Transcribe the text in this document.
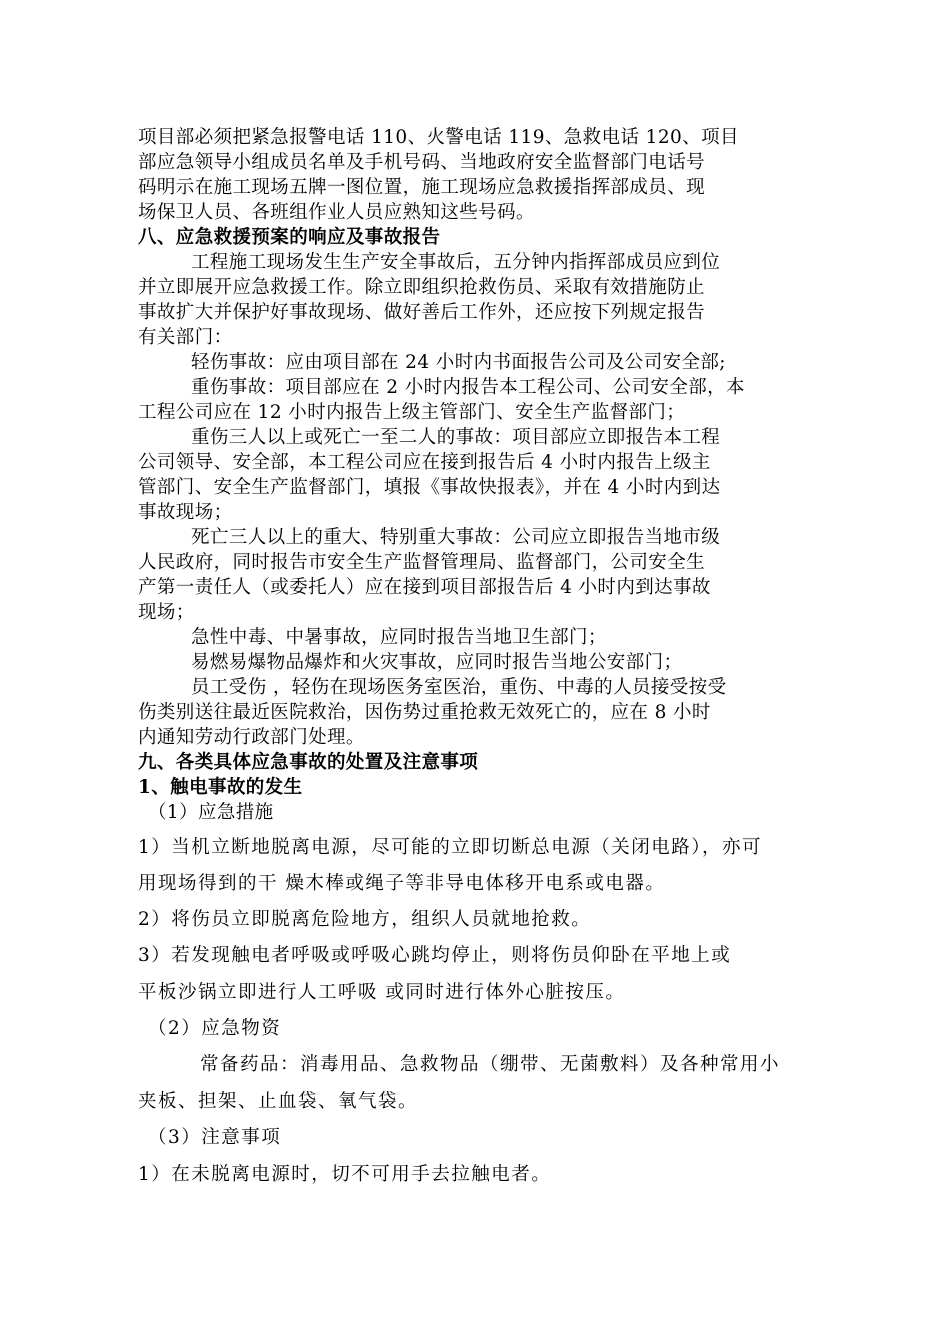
项目部必须把紧急报警电话 110、火警电话 119、急救电话 120、项目
部应急领导小组成员名单及手机号码、当地政府安全监督部门电话号
码明示在施工现场五牌一图位置，施工现场应急救援指挥部成员、现
场保卫人员、各班组作业人员应熟知这些号码。
八、应急救援预案的响应及事故报告
工程施工现场发生生产安全事故后，五分钟内指挥部成员应到位
并立即展开应急救援工作。除立即组织抢救伤员、采取有效措施防止
事故扩大并保护好事故现场、做好善后工作外，还应按下列规定报告
有关部门：
轻伤事故：应由项目部在 24 小时内书面报告公司及公司安全部;
重伤事故：项目部应在 2 小时内报告本工程公司、公司安全部，本
工程公司应在 12 小时内报告上级主管部门、安全生产监督部门；
重伤三人以上或死亡一至二人的事故：项目部应立即报告本工程
公司领导、安全部，本工程公司应在接到报告后 4 小时内报告上级主
管部门、安全生产监督部门，填报《事故快报表》，并在 4 小时内到达
事故现场；
死亡三人以上的重大、特别重大事故：公司应立即报告当地市级
人民政府，同时报告市安全生产监督管理局、监督部门，公司安全生
产第一责任人（或委托人）应在接到项目部报告后 4 小时内到达事故
现场；
急性中毒、中暑事故，应同时报告当地卫生部门；
易燃易爆物品爆炸和火灾事故，应同时报告当地公安部门；
员工受伤 ，轻伤在现场医务室医治，重伤、中毒的人员接受按受
伤类别送往最近医院救治，因伤势过重抢救无效死亡的，应在 8 小时
内通知劳动行政部门处理。
九、各类具体应急事故的处置及注意事项
1、触电事故的发生
（1）应急措施
1）当机立断地脱离电源，尽可能的立即切断总电源（关闭电路），亦可
用现场得到的干 燥木棒或绳子等非导电体移开电系或电器。
2）将伤员立即脱离危险地方，组织人员就地抢救。
3）若发现触电者呼吸或呼吸心跳均停止，则将伤员仰卧在平地上或
平板沙锅立即进行人工呼吸 或同时进行体外心脏按压。
（2）应急物资
常备药品：消毒用品、急救物品（绷带、无菌敷料）及各种常用小
夹板、担架、止血袋、氧气袋。
（3）注意事项
1）在未脱离电源时，切不可用手去拉触电者。
